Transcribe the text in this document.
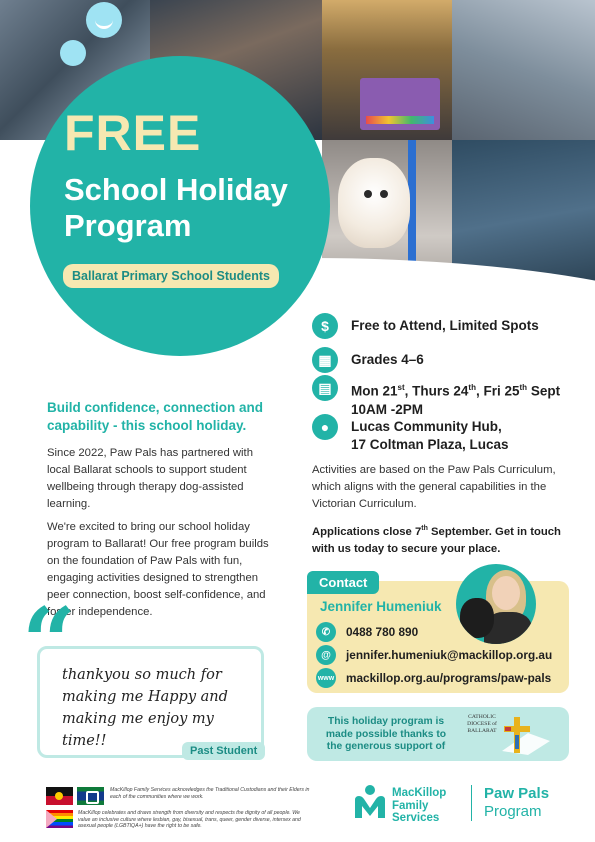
FREE
School Holiday
Program
Ballarat Primary School Students
$	Free to Attend, Limited Spots
▦	Grades 4–6
▤	Mon 21st, Thurs 24th, Fri 25th Sept
10AM -2PM
●	Lucas Community Hub,
17 Coltman Plaza, Lucas
Activities are based on the Paw Pals Curriculum, which aligns with the general capabilities in the Victorian Curriculum.
Applications close 7th September. Get in touch with us today to secure your place.
Build confidence, connection and capability - this school holiday.
Since 2022, Paw Pals has partnered with local Ballarat schools to support student wellbeing through therapy dog-assisted learning.
We're excited to bring our school holiday program to Ballarat! Our free program builds on the foundation of Paw Pals with fun, engaging activities designed to strengthen peer connection, boost self-confidence, and foster independence.
“
thankyou so much for making me Happy and making me enjoy my time!!
Past Student
Contact
Jennifer Humeniuk
✆	0488 780 890
@	jennifer.humeniuk@mackillop.org.au
www mackillop.org.au/programs/paw-pals
This holiday program is made possible thanks to the generous support of
CATHOLIC DIOCESE of BALLARAT
MacKillop Family Services acknowledges the Traditional Custodians and their Elders in each of the communities where we work.
MacKillop celebrates and draws strength from diversity and respects the dignity of all people. We value an inclusive culture where lesbian, gay, bisexual, trans, queer, gender diverse, intersex and asexual people (LGBTIQA+) have the right to be safe.
MacKillop
Family
Services
Paw Pals
Program
